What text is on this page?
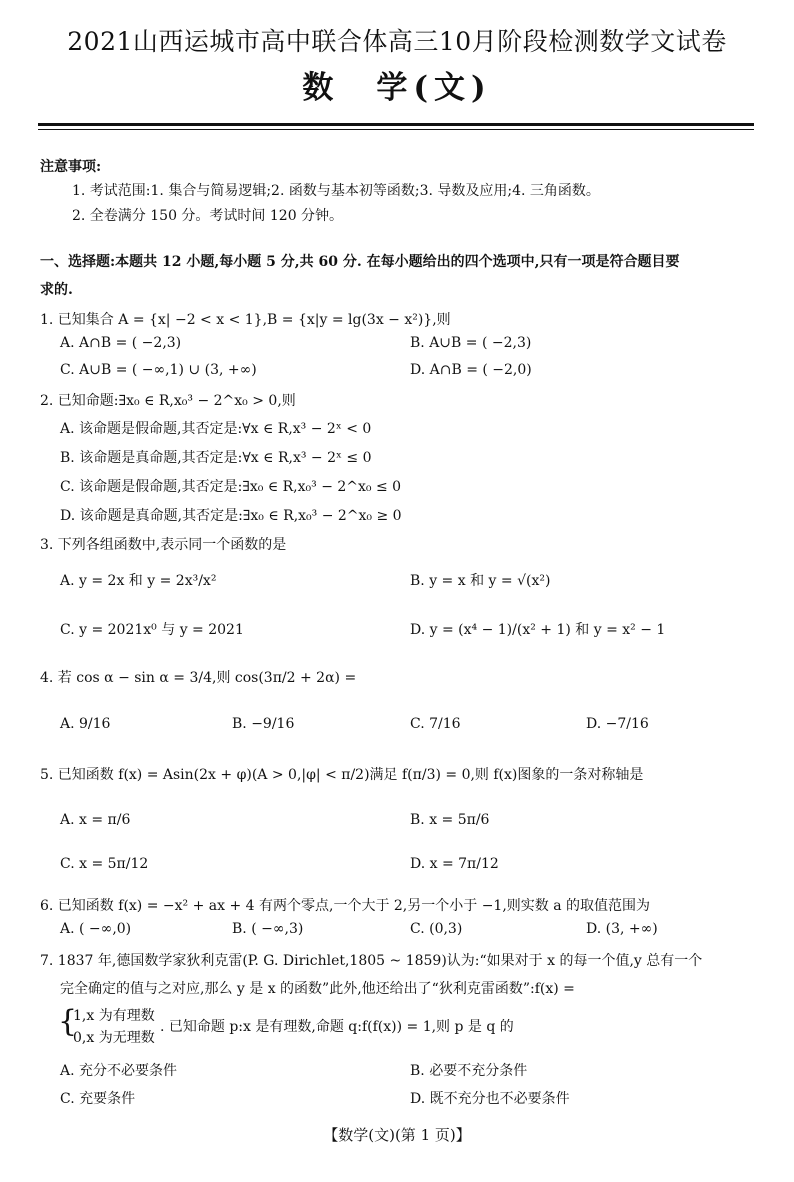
2021山西运城市高中联合体高三10月阶段检测数学文试卷
数　学(文)
注意事项:
1. 考试范围:1. 集合与简易逻辑;2. 函数与基本初等函数;3. 导数及应用;4. 三角函数。
2. 全卷满分 150 分。考试时间 120 分钟。
一、选择题:本题共 12 小题,每小题 5 分,共 60 分. 在每小题给出的四个选项中,只有一项是符合题目要
求的.
1. 已知集合 A = {x| −2 < x < 1},B = {x|y = lg(3x − x²)},则
A. A∩B = ( −2,3)	B. A∪B = ( −2,3)
C. A∪B = ( −∞,1) ∪ (3, +∞)	D. A∩B = ( −2,0)
2. 已知命题:∃x₀ ∈ R,x₀³ − 2^x₀ > 0,则
A. 该命题是假命题,其否定是:∀x ∈ R,x³ − 2ˣ < 0
B. 该命题是真命题,其否定是:∀x ∈ R,x³ − 2ˣ ≤ 0
C. 该命题是假命题,其否定是:∃x₀ ∈ R,x₀³ − 2^x₀ ≤ 0
D. 该命题是真命题,其否定是:∃x₀ ∈ R,x₀³ − 2^x₀ ≥ 0
3. 下列各组函数中,表示同一个函数的是
A. y = 2x 和 y = 2x³/x²	B. y = x 和 y = √(x²)
C. y = 2021x⁰ 与 y = 2021	D. y = (x⁴ − 1)/(x² + 1) 和 y = x² − 1
4. 若 cos α − sin α = 3/4,则 cos(3π/2 + 2α) =
A. 9/16	B. −9/16	C. 7/16	D. −7/16
5. 已知函数 f(x) = Asin(2x + φ)(A > 0,|φ| < π/2)满足 f(π/3) = 0,则 f(x)图象的一条对称轴是
A. x = π/6	B. x = 5π/6
C. x = 5π/12	D. x = 7π/12
6. 已知函数 f(x) = −x² + ax + 4 有两个零点,一个大于 2,另一个小于 −1,则实数 a 的取值范围为
A. ( −∞,0)	B. ( −∞,3)	C. (0,3)	D. (3, +∞)
7. 1837 年,德国数学家狄利克雷(P. G. Dirichlet,1805 ~ 1859)认为:“如果对于 x 的每一个值,y 总有一个
完全确定的值与之对应,那么 y 是 x 的函数”此外,他还给出了“狄利克雷函数”:f(x) =
{
1,x 为有理数
0,x 为无理数
. 已知命题 p:x 是有理数,命题 q:f(f(x)) = 1,则 p 是 q 的
A. 充分不必要条件	B. 必要不充分条件
C. 充要条件	D. 既不充分也不必要条件
【数学(文)(第 1 页)】
